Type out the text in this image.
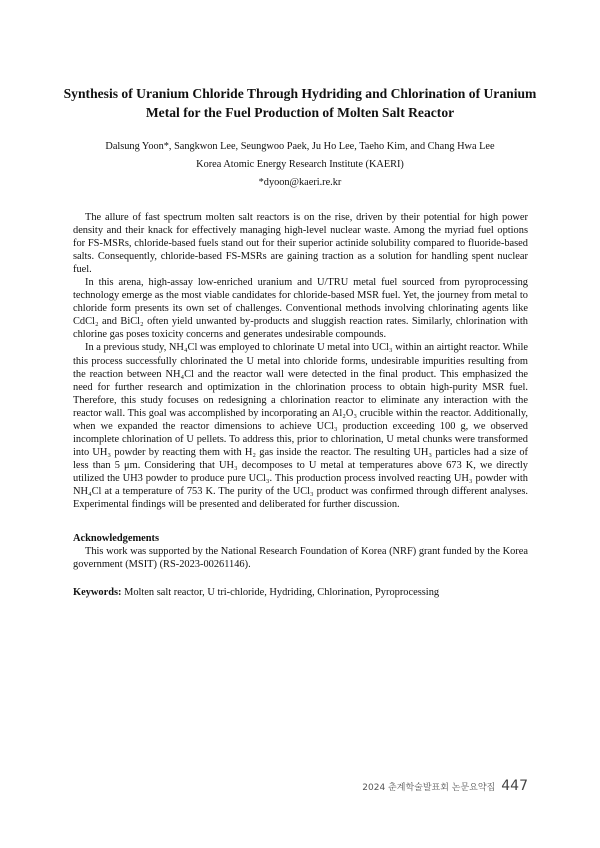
Synthesis of Uranium Chloride Through Hydriding and Chlorination of Uranium
Metal for the Fuel Production of Molten Salt Reactor
Dalsung Yoon*, Sangkwon Lee, Seungwoo Paek, Ju Ho Lee, Taeho Kim, and Chang Hwa Lee
Korea Atomic Energy Research Institute (KAERI)
*dyoon@kaeri.re.kr

The allure of fast spectrum molten salt reactors is on the rise, driven by their potential for high power density and their knack for effectively managing high-level nuclear waste. Among the myriad fuel options for FS-MSRs, chloride-based fuels stand out for their superior actinide solubility compared to fluoride-based salts. Consequently, chloride-based FS-MSRs are gaining traction as a solution for handling spent nuclear fuel.

In this arena, high-assay low-enriched uranium and U/TRU metal fuel sourced from pyroprocessing technology emerge as the most viable candidates for chloride-based MSR fuel. Yet, the journey from metal to chloride form presents its own set of challenges. Conventional methods involving chlorinating agents like CdCl₂ and BiCl₂ often yield unwanted by-products and sluggish reaction rates. Similarly, chlorination with chlorine gas poses toxicity concerns and generates undesirable compounds.

In a previous study, NH₄Cl was employed to chlorinate U metal into UCl₃ within an airtight reactor. While this process successfully chlorinated the U metal into chloride forms, undesirable impurities resulting from the reaction between NH₄Cl and the reactor wall were detected in the final product. This emphasized the need for further research and optimization in the chlorination process to obtain high-purity MSR fuel. Therefore, this study focuses on redesigning a chlorination reactor to eliminate any interaction with the reactor wall. This goal was accomplished by incorporating an Al₂O₃ crucible within the reactor. Additionally, when we expanded the reactor dimensions to achieve UCl₃ production exceeding 100 g, we observed incomplete chlorination of U pellets. To address this, prior to chlorination, U metal chunks were transformed into UH₃ powder by reacting them with H₂ gas inside the reactor. The resulting UH₃ particles had a size of less than 5 μm. Considering that UH₃ decomposes to U metal at temperatures above 673 K, we directly utilized the UH3 powder to produce pure UCl₃. This production process involved reacting UH₃ powder with NH₄Cl at a temperature of 753 K. The purity of the UCl₃ product was confirmed through different analyses. Experimental findings will be presented and deliberated for further discussion.

Acknowledgements

This work was supported by the National Research Foundation of Korea (NRF) grant funded by the Korea government (MSIT) (RS-2023-00261146).

Keywords: Molten salt reactor, U tri-chloride, Hydriding, Chlorination, Pyroprocessing
2024 춘계학술발표회 논문요약집 447
